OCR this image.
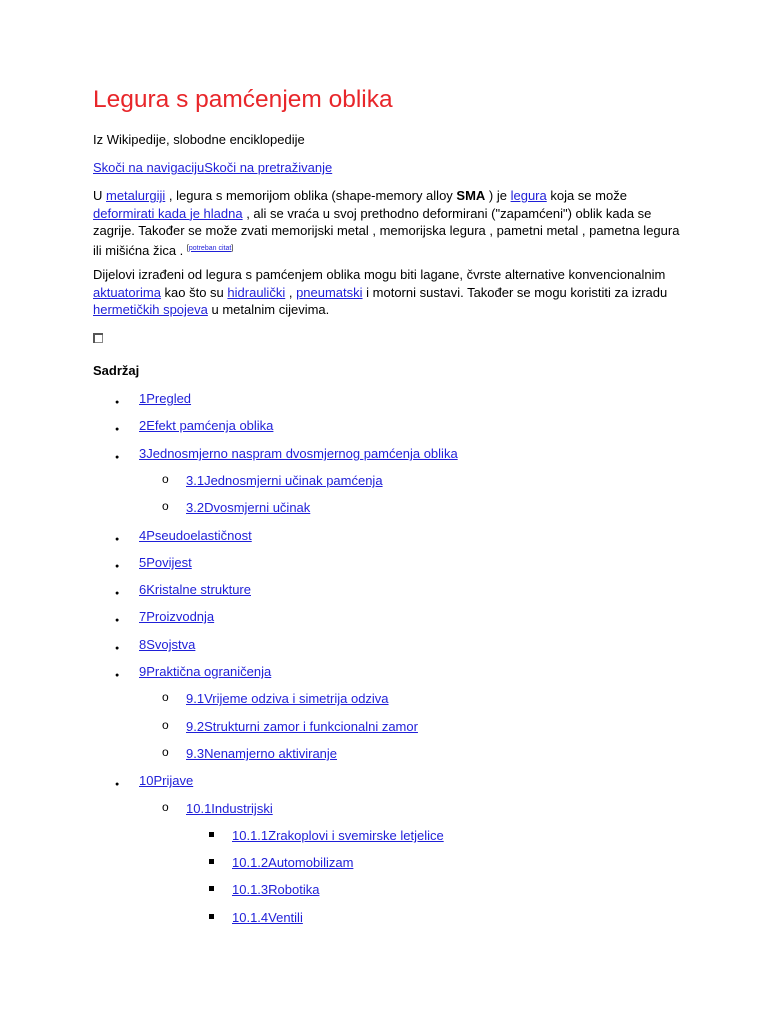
Legura s pamćenjem oblika

Iz Wikipedije, slobodne enciklopedije

Skoči na navigacijuSkoči na pretraživanje

U metalurgiji , legura s memorijom oblika (shape-memory alloy SMA ) je legura koja se može deformirati kada je hladna , ali se vraća u svoj prethodno deformirani ("zapamćeni") oblik kada se zagrije. Također se može zvati memorijski metal , memorijska legura , pametni metal , pametna legura ili mišićna žica . [potreban citat]

Dijelovi izrađeni od legura s pamćenjem oblika mogu biti lagane, čvrste alternative konvencionalnim aktuatorima kao što su hidraulički , pneumatski i motorni sustavi. Također se mogu koristiti za izradu hermetičkih spojeva u metalnim cijevima.

Sadržaj
1Pregled
2Efekt pamćenja oblika
3Jednosmjerno naspram dvosmjernog pamćenja oblika
3.1Jednosmjerni učinak pamćenja
3.2Dvosmjerni učinak
4Pseudoelastičnost
5Povijest
6Kristalne strukture
7Proizvodnja
8Svojstva
9Praktična ograničenja
9.1Vrijeme odziva i simetrija odziva
9.2Strukturni zamor i funkcionalni zamor
9.3Nenamjerno aktiviranje
10Prijave
10.1Industrijski
10.1.1Zrakoplovi i svemirske letjelice
10.1.2Automobilizam
10.1.3Robotika
10.1.4Ventili
